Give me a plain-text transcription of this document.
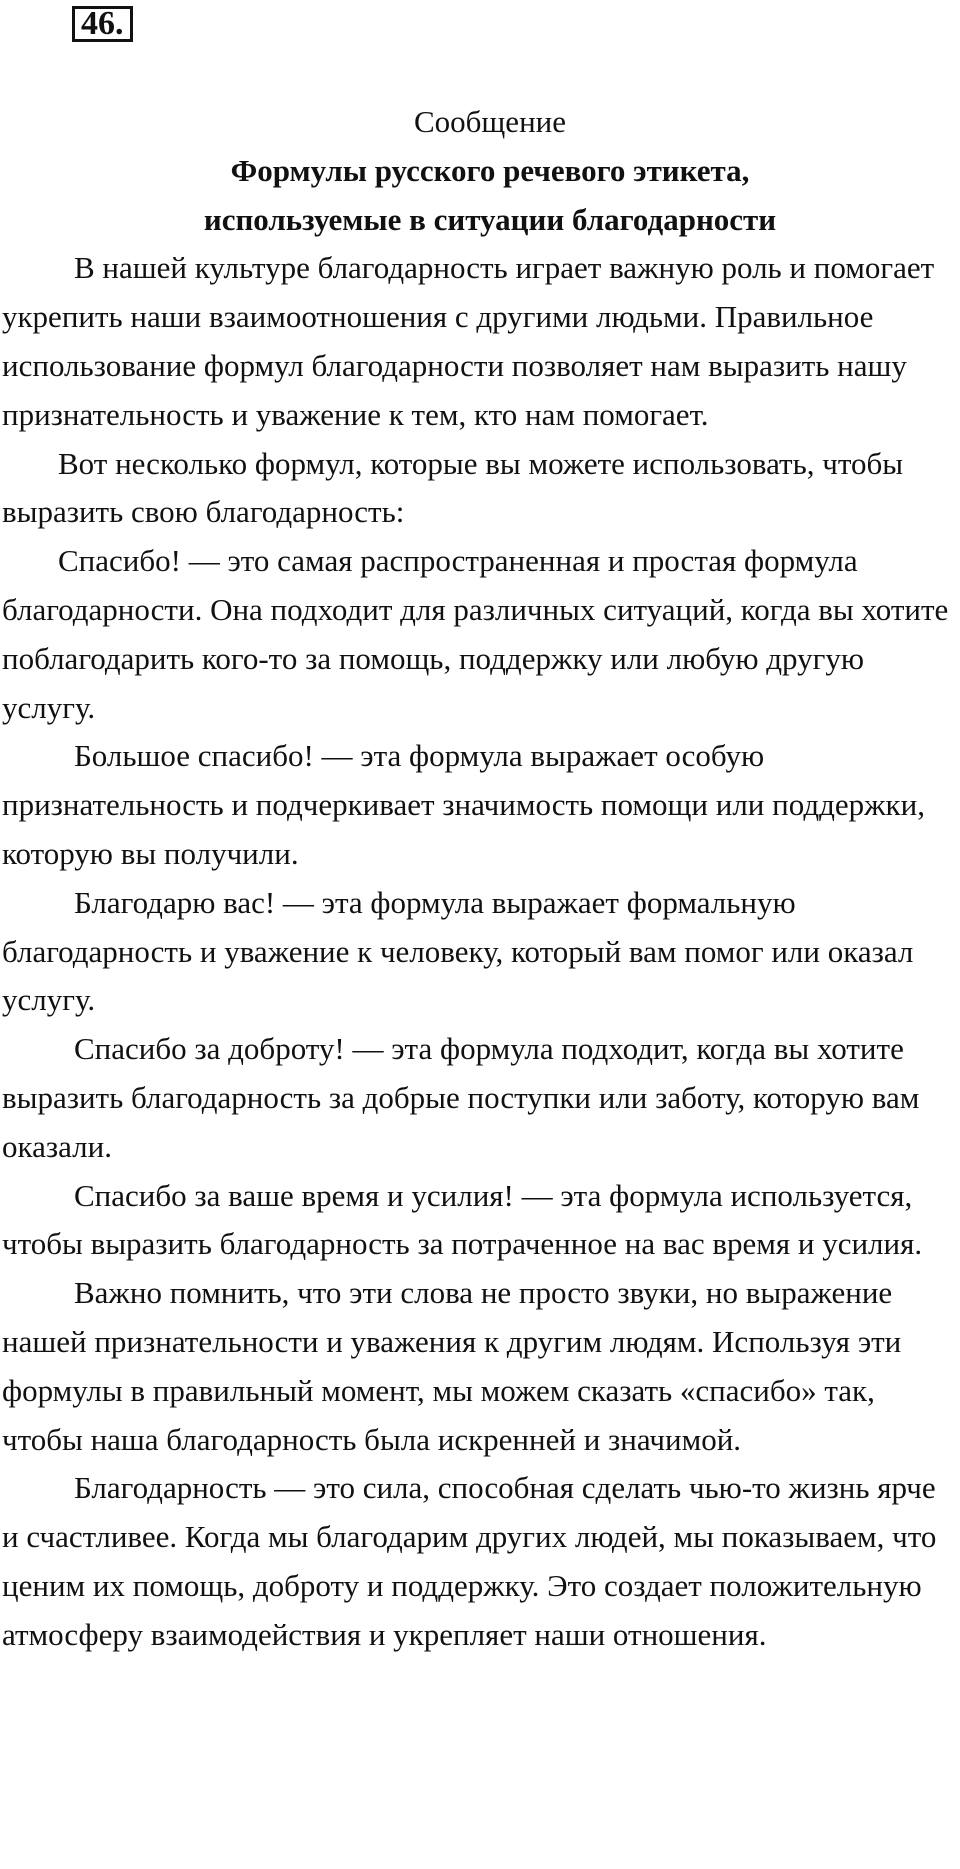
46.

Сообщение

Формулы русского речевого этикета,

используемые в ситуации благодарности

В нашей культуре благодарность играет важную роль и помогает укрепить наши взаимоотношения с другими людьми. Правильное использование формул благодарности позволяет нам выразить нашу признательность и уважение к тем, кто нам помогает.

Вот несколько формул, которые вы можете использовать, чтобы выразить свою благодарность:

Спасибо! — это самая распространенная и простая формула благодарности. Она подходит для различных ситуаций, когда вы хотите поблагодарить кого-то за помощь, поддержку или любую другую услугу.

Большое спасибо! — эта формула выражает особую признательность и подчеркивает значимость помощи или поддержки, которую вы получили.

Благодарю вас! — эта формула выражает формальную благодарность и уважение к человеку, который вам помог или оказал услугу.

Спасибо за доброту! — эта формула подходит, когда вы хотите выразить благодарность за добрые поступки или заботу, которую вам оказали.

Спасибо за ваше время и усилия! — эта формула используется, чтобы выразить благодарность за потраченное на вас время и усилия.

Важно помнить, что эти слова не просто звуки, но выражение нашей признательности и уважения к другим людям. Используя эти формулы в правильный момент, мы можем сказать «спасибо» так, чтобы наша благодарность была искренней и значимой.

Благодарность — это сила, способная сделать чью-то жизнь ярче и счастливее. Когда мы благодарим других людей, мы показываем, что ценим их помощь, доброту и поддержку. Это создает положительную атмосферу взаимодействия и укрепляет наши отношения.
